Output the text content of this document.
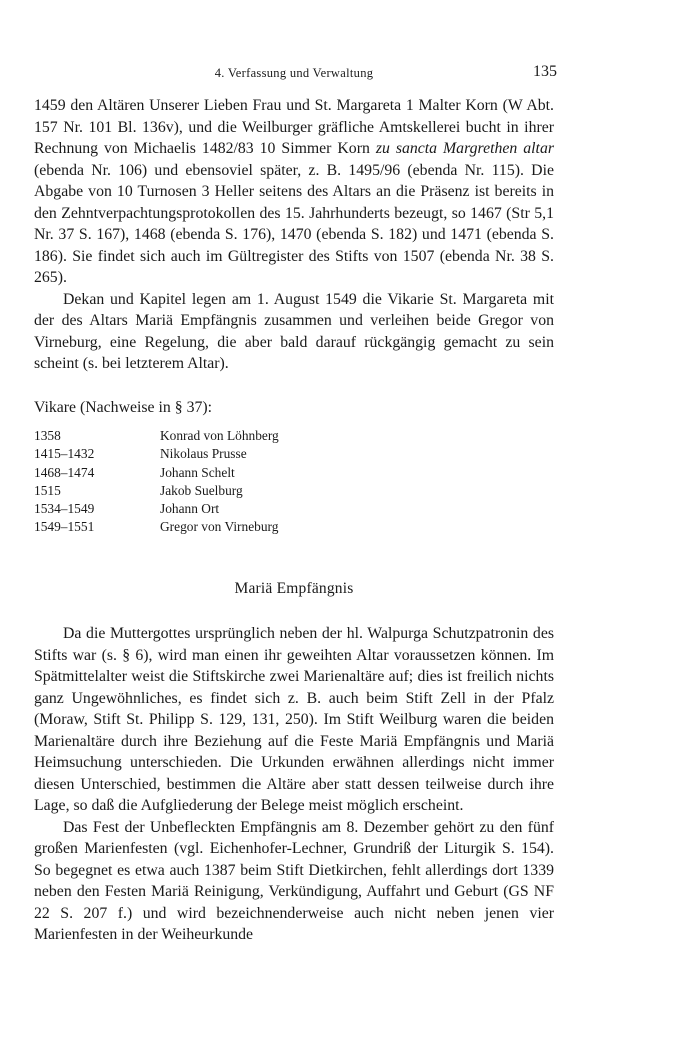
4. Verfassung und Verwaltung	135

1459 den Altären Unserer Lieben Frau und St. Margareta 1 Malter Korn (W Abt. 157 Nr. 101 Bl. 136v), und die Weilburger gräfliche Amtskellerei bucht in ihrer Rechnung von Michaelis 1482/83 10 Simmer Korn zu sancta Margrethen altar (ebenda Nr. 106) und ebensoviel später, z. B. 1495/96 (ebenda Nr. 115). Die Abgabe von 10 Turnosen 3 Heller seitens des Altars an die Präsenz ist bereits in den Zehntverpachtungsprotokollen des 15. Jahrhunderts bezeugt, so 1467 (Str 5,1 Nr. 37 S. 167), 1468 (ebenda S. 176), 1470 (ebenda S. 182) und 1471 (ebenda S. 186). Sie findet sich auch im Gültregister des Stifts von 1507 (ebenda Nr. 38 S. 265).

Dekan und Kapitel legen am 1. August 1549 die Vikarie St. Margareta mit der des Altars Mariä Empfängnis zusammen und verleihen beide Gregor von Virneburg, eine Regelung, die aber bald darauf rückgängig gemacht zu sein scheint (s. bei letzterem Altar).

Vikare (Nachweise in § 37):
1358	Konrad von Löhnberg
1415–1432	Nikolaus Prusse
1468–1474	Johann Schelt
1515	Jakob Suelburg
1534–1549	Johann Ort
1549–1551	Gregor von Virneburg
Mariä Empfängnis

Da die Muttergottes ursprünglich neben der hl. Walpurga Schutzpatronin des Stifts war (s. § 6), wird man einen ihr geweihten Altar voraussetzen können. Im Spätmittelalter weist die Stiftskirche zwei Marienaltäre auf; dies ist freilich nichts ganz Ungewöhnliches, es findet sich z. B. auch beim Stift Zell in der Pfalz (Moraw, Stift St. Philipp S. 129, 131, 250). Im Stift Weilburg waren die beiden Marienaltäre durch ihre Beziehung auf die Feste Mariä Empfängnis und Mariä Heimsuchung unterschieden. Die Urkunden erwähnen allerdings nicht immer diesen Unterschied, bestimmen die Altäre aber statt dessen teilweise durch ihre Lage, so daß die Aufgliederung der Belege meist möglich erscheint.

Das Fest der Unbefleckten Empfängnis am 8. Dezember gehört zu den fünf großen Marienfesten (vgl. Eichenhofer-Lechner, Grundriß der Liturgik S. 154). So begegnet es etwa auch 1387 beim Stift Dietkirchen, fehlt allerdings dort 1339 neben den Festen Mariä Reinigung, Verkündigung, Auffahrt und Geburt (GS NF 22 S. 207 f.) und wird bezeichnenderweise auch nicht neben jenen vier Marienfesten in der Weiheurkunde
